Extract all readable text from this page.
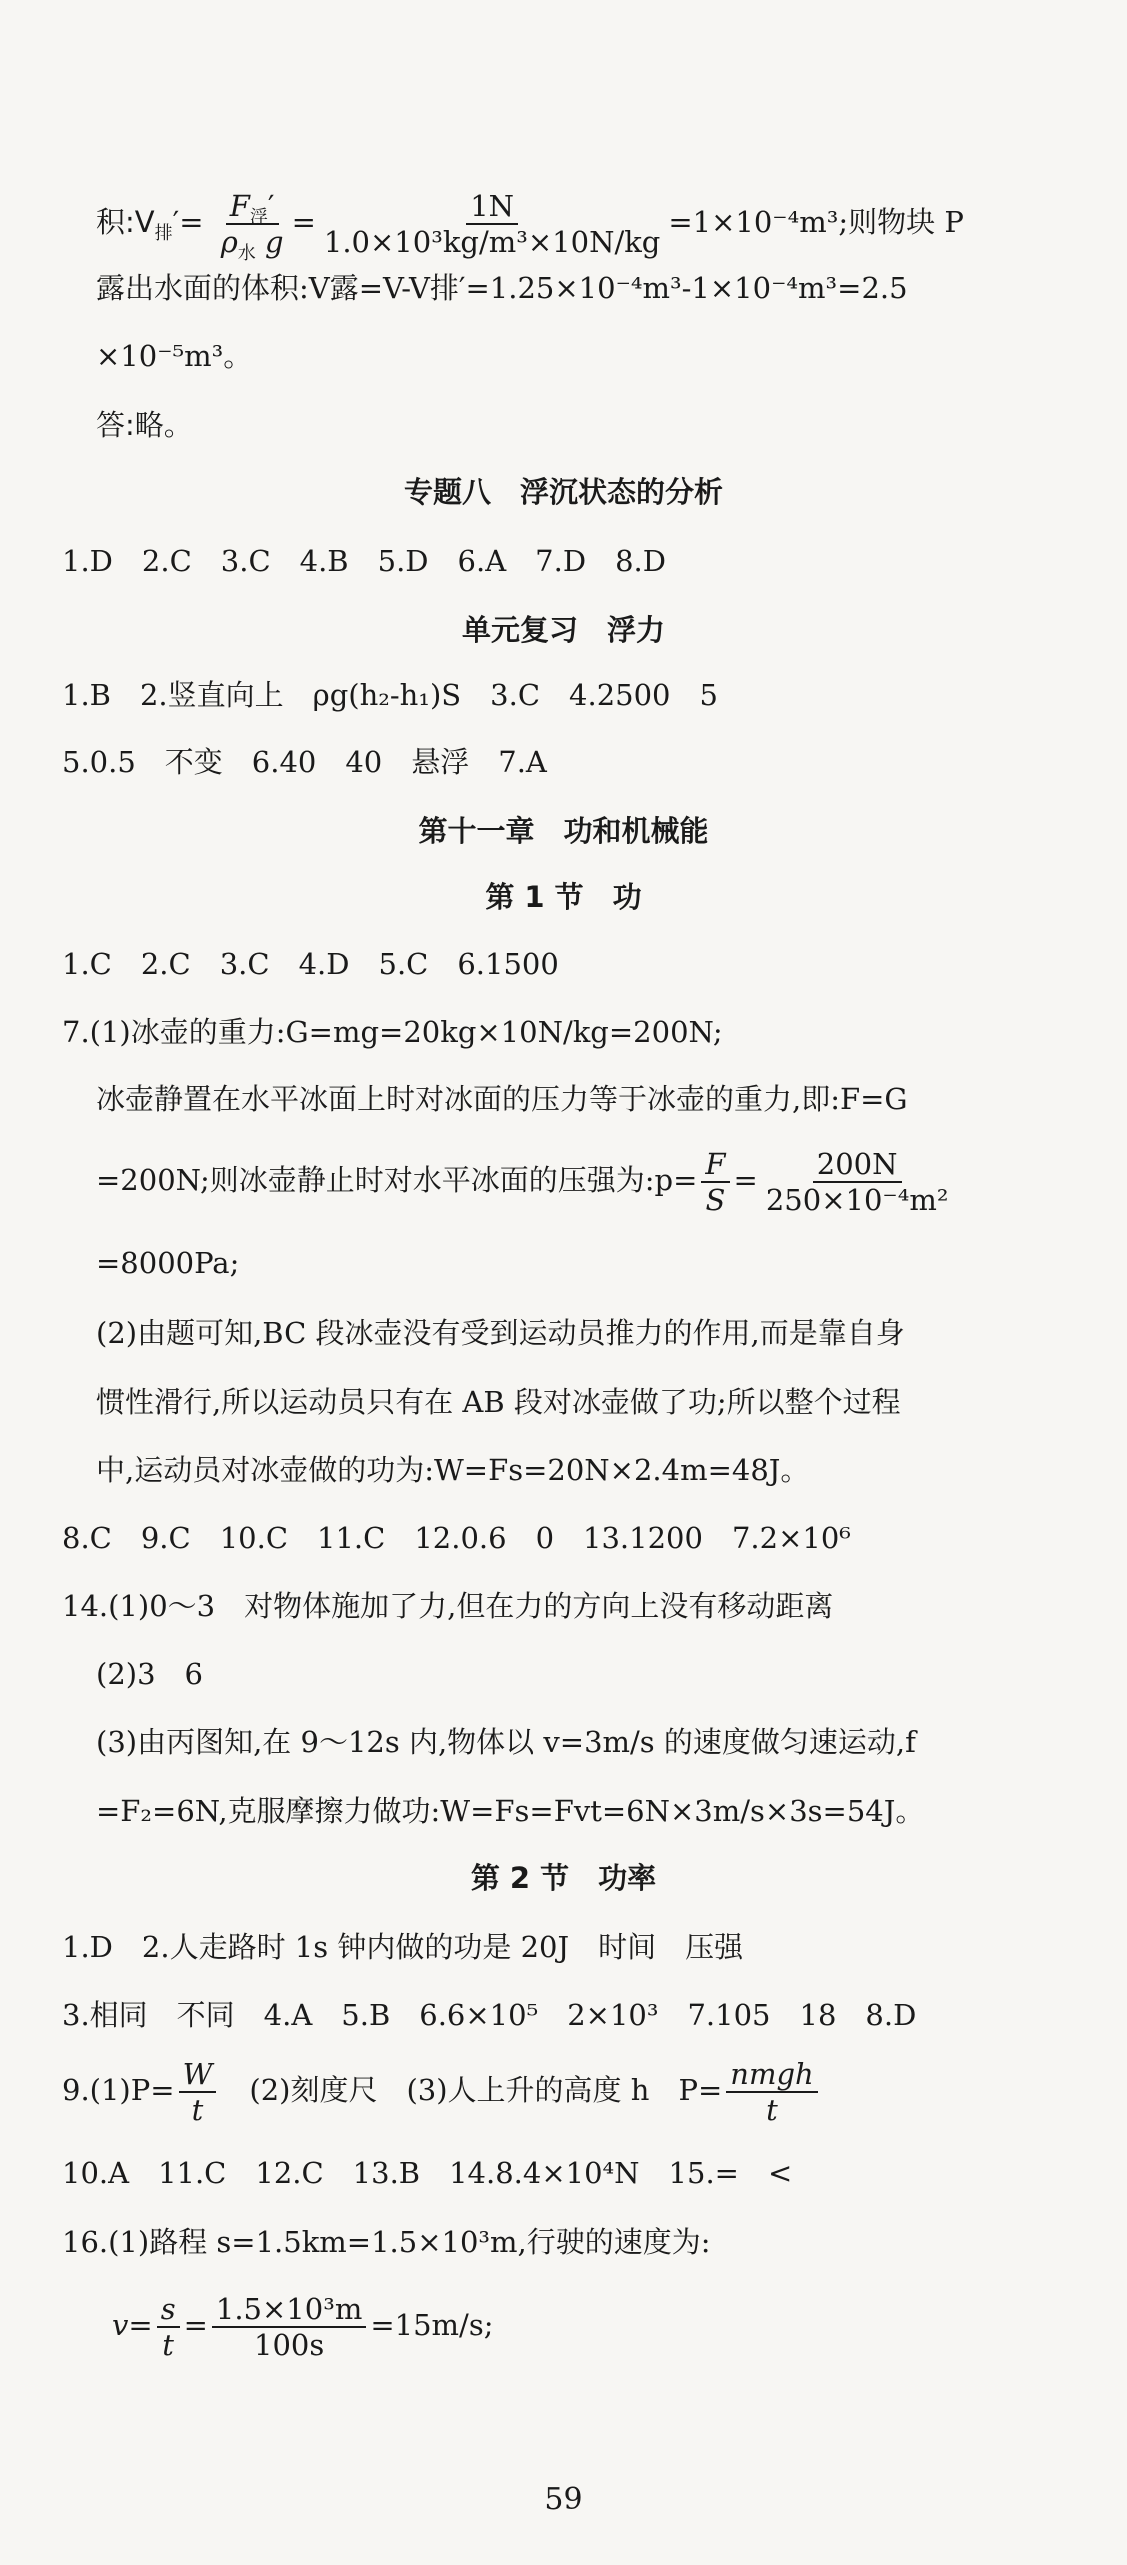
积$:V_排'= \frac{F_浮'}{\rho_水 g} = \frac{1N}{\text{1.0×10³kg/m³×10N/kg}} =1\times 10^{-4}m^3$;则物块 P
露出水面的体积:V露=V-V排′=1.25×10⁻⁴m³-1×10⁻⁴m³=2.5
×10⁻⁵m³。
答:略。
专题八　浮沉状态的分析
1.D　2.C　3.C　4.B　5.D　6.A　7.D　8.D
单元复习　浮力
1.B　2.竖直向上　ρg(h₂-h₁)S　3.C　4.2500　5
5.0.5　不变　6.40　40　悬浮　7.A
第十一章　功和机械能
第 1 节　功
1.C　2.C　3.C　4.D　5.C　6.1500
7.(1)冰壶的重力:G=mg=20kg×10N/kg=200N;
冰壶静置在水平冰面上时对冰面的压力等于冰壶的重力,即:F=G
=200N;则冰壶静止时对水平冰面的压强为:p= $\frac{F}{S} = \frac{200N}{\text{250×10⁻⁴m²}}$
=8000Pa;
(2)由题可知,BC 段冰壶没有受到运动员推力的作用,而是靠自身
惯性滑行,所以运动员只有在 AB 段对冰壶做了功;所以整个过程
中,运动员对冰壶做的功为:W=Fs=20N×2.4m=48J。
8.C　9.C　10.C　11.C　12.0.6　0　13.1200　7.2×10⁶
14.(1)0～3　对物体施加了力,但在力的方向上没有移动距离
(2)3　6
(3)由丙图知,在 9～12s 内,物体以 v=3m/s 的速度做匀速运动,f
=F₂=6N,克服摩擦力做功:W=Fs=Fvt=6N×3m/s×3s=54J。
第 2 节　功率
1.D　2.人走路时 1s 钟内做的功是 20J　时间　压强
3.相同　不同　4.A　5.B　6.6×10⁵　2×10³　7.105　18　8.D
$9.(1)P= \frac{W}{t}$
　 (2)刻度尺　(3)人上升的高度 h　$P= \frac{\text{nmgh}}{t}$
10.A　11.C　12.C　13.B　14.8.4×10⁴N　15.=　<
16.(1)路程 s=1.5km=1.5×10³m,行驶的速度为:
$v= \frac{s}{t} = \frac{\text{1.5×10³m}}{100s} =15m/s$;
59
